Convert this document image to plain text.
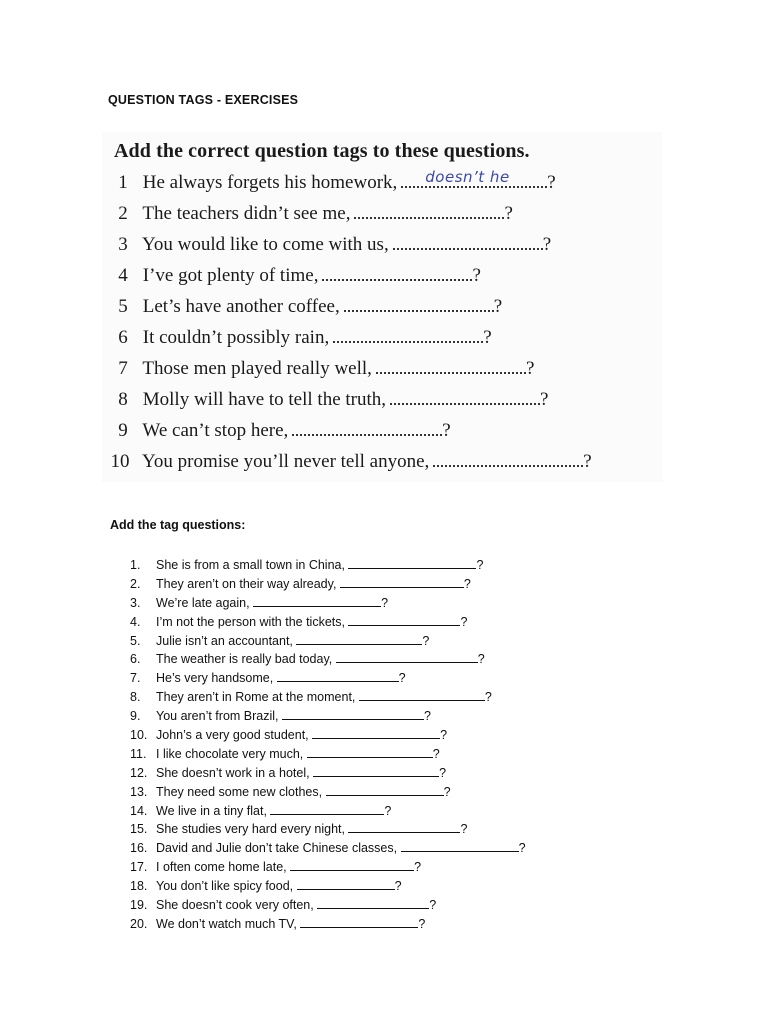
QUESTION TAGS - EXERCISES
Add the correct question tags to these questions.
1 He always forgets his homework, doesn’t he ?
2 The teachers didn’t see me,	?
3 You would like to come with us,	?
4 I’ve got plenty of time,	?
5 Let’s have another coffee,	?
6 It couldn’t possibly rain,	?
7 Those men played really well,	?
8 Molly will have to tell the truth,	?
9 We can’t stop here,	?
10 You promise you’ll never tell anyone,	?
Add the tag questions:
1. She is from a small town in China,	?
2. They aren’t on their way already,	?
3. We’re late again,	?
4. I’m not the person with the tickets,	?
5. Julie isn’t an accountant,	?
6. The weather is really bad today,	?
7. He’s very handsome,	?
8. They aren’t in Rome at the moment,	?
9. You aren’t from Brazil,	?
10. John’s a very good student,	?
11. I like chocolate very much,	?
12. She doesn’t work in a hotel,	?
13. They need some new clothes,	?
14. We live in a tiny flat,	?
15. She studies very hard every night,	?
16. David and Julie don’t take Chinese classes,	?
17. I often come home late,	?
18. You don’t like spicy food,	?
19. She doesn’t cook very often,	?
20. We don’t watch much TV,	?
